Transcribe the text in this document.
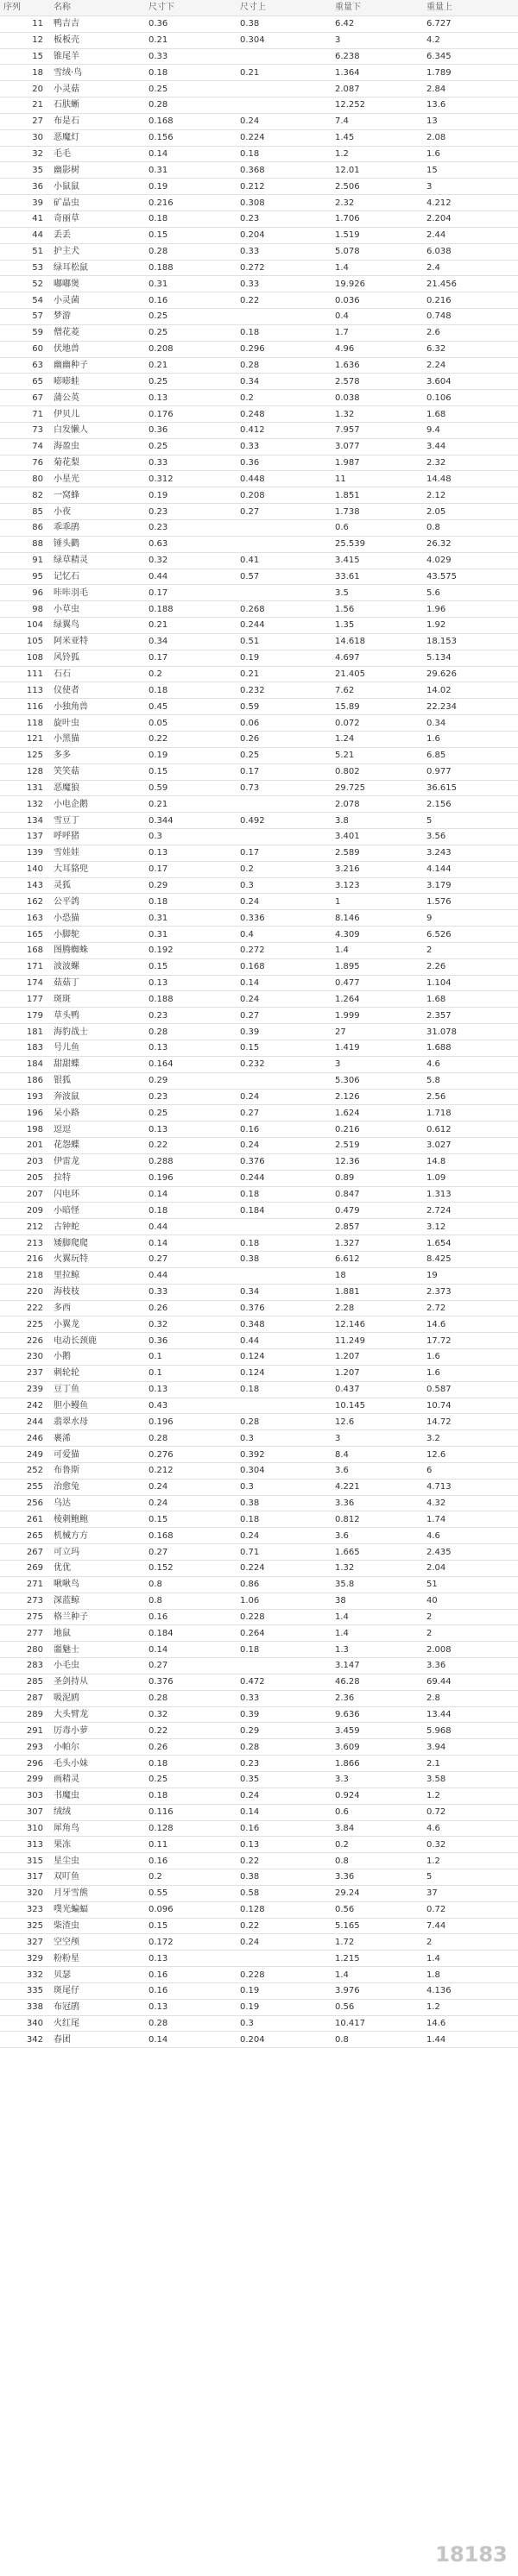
序列	名称	尺寸下	尺寸上	重量下	重量上
11	鸭吉吉	0.36	0.38	6.42	6.727
12	板板壳	0.21	0.304	3	4.2
15	锥尾羊	0.33		6.238	6.345
18	雪绒·鸟	0.18	0.21	1.364	1.789
20	小灵菇	0.25		2.087	2.84
21	石肤蜥	0.28		12.252	13.6
27	布是石	0.168	0.24	7.4	13
30	恶魔灯	0.156	0.224	1.45	2.08
32	毛毛	0.14	0.18	1.2	1.6
35	幽影树	0.31	0.368	12.01	15
36	小鼠鼠	0.19	0.212	2.506	3
39	矿晶虫	0.216	0.308	2.32	4.212
41	奇丽草	0.18	0.23	1.706	2.204
44	丢丢	0.15	0.204	1.519	2.44
51	护主犬	0.28	0.33	5.078	6.038
53	绿耳松鼠	0.188	0.272	1.4	2.4
52	嘟嘟煲	0.31	0.33	19.926	21.456
54	小灵菌	0.16	0.22	0.036	0.216
57	梦游	0.25		0.4	0.748
59	僧花菱	0.25	0.18	1.7	2.6
60	伏地兽	0.208	0.296	4.96	6.32
63	幽幽种子	0.21	0.28	1.636	2.24
65	嘭嘭蛙	0.25	0.34	2.578	3.604
67	蒲公英	0.13	0.2	0.038	0.106
71	伊贝儿	0.176	0.248	1.32	1.68
73	白发懒人	0.36	0.412	7.957	9.4
74	海盈虫	0.25	0.33	3.077	3.44
76	菊花梨	0.33	0.36	1.987	2.32
80	小星光	0.312	0.448	11	14.48
82	一窝蜂	0.19	0.208	1.851	2.12
85	小夜	0.23	0.27	1.738	2.05
86	乖乖鹃	0.23		0.6	0.8
88	锤头鹳	0.63		25.539	26.32
91	绿草精灵	0.32	0.41	3.415	4.029
95	记忆石	0.44	0.57	33.61	43.575
96	咔咔羽毛	0.17		3.5	5.6
98	小草虫	0.188	0.268	1.56	1.96
104	绿翼鸟	0.21	0.244	1.35	1.92
105	阿米亚特	0.34	0.51	14.618	18.153
108	风铃狐	0.17	0.19	4.697	5.134
111	石石	0.2	0.21	21.405	29.626
113	仪使者	0.18	0.232	7.62	14.02
116	小独角兽	0.45	0.59	15.89	22.234
118	旋叶虫	0.05	0.06	0.072	0.34
121	小黑猫	0.22	0.26	1.24	1.6
125	多多	0.19	0.25	5.21	6.85
128	笑笑菇	0.15	0.17	0.802	0.977
131	恶魔狼	0.59	0.73	29.725	36.615
132	小电企鹅	0.21		2.078	2.156
134	雪豆丁	0.344	0.492	3.8	5
137	呼呼猪	0.3		3.401	3.56
139	雪娃娃	0.13	0.17	2.589	3.243
140	大耳貉兜	0.17	0.2	3.216	4.144
143	灵狐	0.29	0.3	3.123	3.179
162	公平鸽	0.18	0.24	1	1.576
163	小恐猫	0.31	0.336	8.146	9
165	小脚鸵	0.31	0.4	4.309	6.526
168	图腾蜘蛛	0.192	0.272	1.4	2
171	波波螺	0.15	0.168	1.895	2.26
174	菇菇丁	0.13	0.14	0.477	1.104
177	斑斑	0.188	0.24	1.264	1.68
179	草头鸭	0.23	0.27	1.999	2.357
181	海豹战士	0.28	0.39	27	31.078
183	号儿鱼	0.13	0.15	1.419	1.688
184	甜甜蝶	0.164	0.232	3	4.6
186	银狐	0.29		5.306	5.8
193	奔波鼠	0.23	0.24	2.126	2.56
196	呆小路	0.25	0.27	1.624	1.718
198	逗逗	0.13	0.16	0.216	0.612
201	花怨蝶	0.22	0.24	2.519	3.027
203	伊雷龙	0.288	0.376	12.36	14.8
205	拉特	0.196	0.244	0.89	1.09
207	闪电环	0.14	0.18	0.847	1.313
209	小暗怪	0.18	0.184	0.479	2.724
212	古钟蛇	0.44		2.857	3.12
213	矮脚爬爬	0.14	0.18	1.327	1.654
216	火翼玩特	0.27	0.38	6.612	8.425
218	里拉鲸	0.44		18	19
220	海枝枝	0.33	0.34	1.881	2.373
222	多西	0.26	0.376	2.28	2.72
225	小翼龙	0.32	0.348	12.146	14.6
226	电动长颈鹿	0.36	0.44	11.249	17.72
230	小鹅	0.1	0.124	1.207	1.6
237	刺轮轮	0.1	0.124	1.207	1.6
239	豆丁鱼	0.13	0.18	0.437	0.587
242	胆小鳗鱼	0.43		10.145	10.74
244	翡翠水母	0.196	0.28	12.6	14.72
246	裹浠	0.28	0.3	3	3.2
249	可爱猫	0.276	0.392	8.4	12.6
252	布鲁斯	0.212	0.304	3.6	6
255	治愈兔	0.24	0.3	4.221	4.713
256	乌达	0.24	0.38	3.36	4.32
261	棱刺鲍鲍	0.15	0.18	0.812	1.74
265	机械方方	0.168	0.24	3.6	4.6
267	可立玛	0.27	0.71	1.665	2.435
269	优优	0.152	0.224	1.32	2.04
271	啾啾鸟	0.8	0.86	35.8	51
273	深蓝鲸	0.8	1.06	38	40
275	格兰种子	0.16	0.228	1.4	2
277	地鼠	0.184	0.264	1.4	2
280	噩魅士	0.14	0.18	1.3	2.008
283	小毛虫	0.27		3.147	3.36
285	圣剑持从	0.376	0.472	46.28	69.44
287	吸泥鸥	0.28	0.33	2.36	2.8
289	大头臂龙	0.32	0.39	9.636	13.44
291	厉毒小萝	0.22	0.29	3.459	5.968
293	小帕尔	0.26	0.28	3.609	3.94
296	毛头小妹	0.18	0.23	1.866	2.1
299	画精灵	0.25	0.35	3.3	3.58
303	书魔虫	0.18	0.24	0.924	1.2
307	绒绒	0.116	0.14	0.6	0.72
310	犀角鸟	0.128	0.16	3.84	4.6
313	果冻	0.11	0.13	0.2	0.32
315	星尘虫	0.16	0.22	0.8	1.2
317	双叮鱼	0.2	0.38	3.36	5
320	月牙雪熊	0.55	0.58	29.24	37
323	噗光蝙蝠	0.096	0.128	0.56	0.72
325	柴渣虫	0.15	0.22	5.165	7.44
327	空空颅	0.172	0.24	1.72	2
329	粉粉星	0.13		1.215	1.4
332	贝瑟	0.16	0.228	1.4	1.8
335	斑尾仔	0.16	0.19	3.976	4.136
338	布冠鹃	0.13	0.19	0.56	1.2
340	火红尾	0.28	0.3	10.417	14.6
342	春团	0.14	0.204	0.8	1.44
18183
